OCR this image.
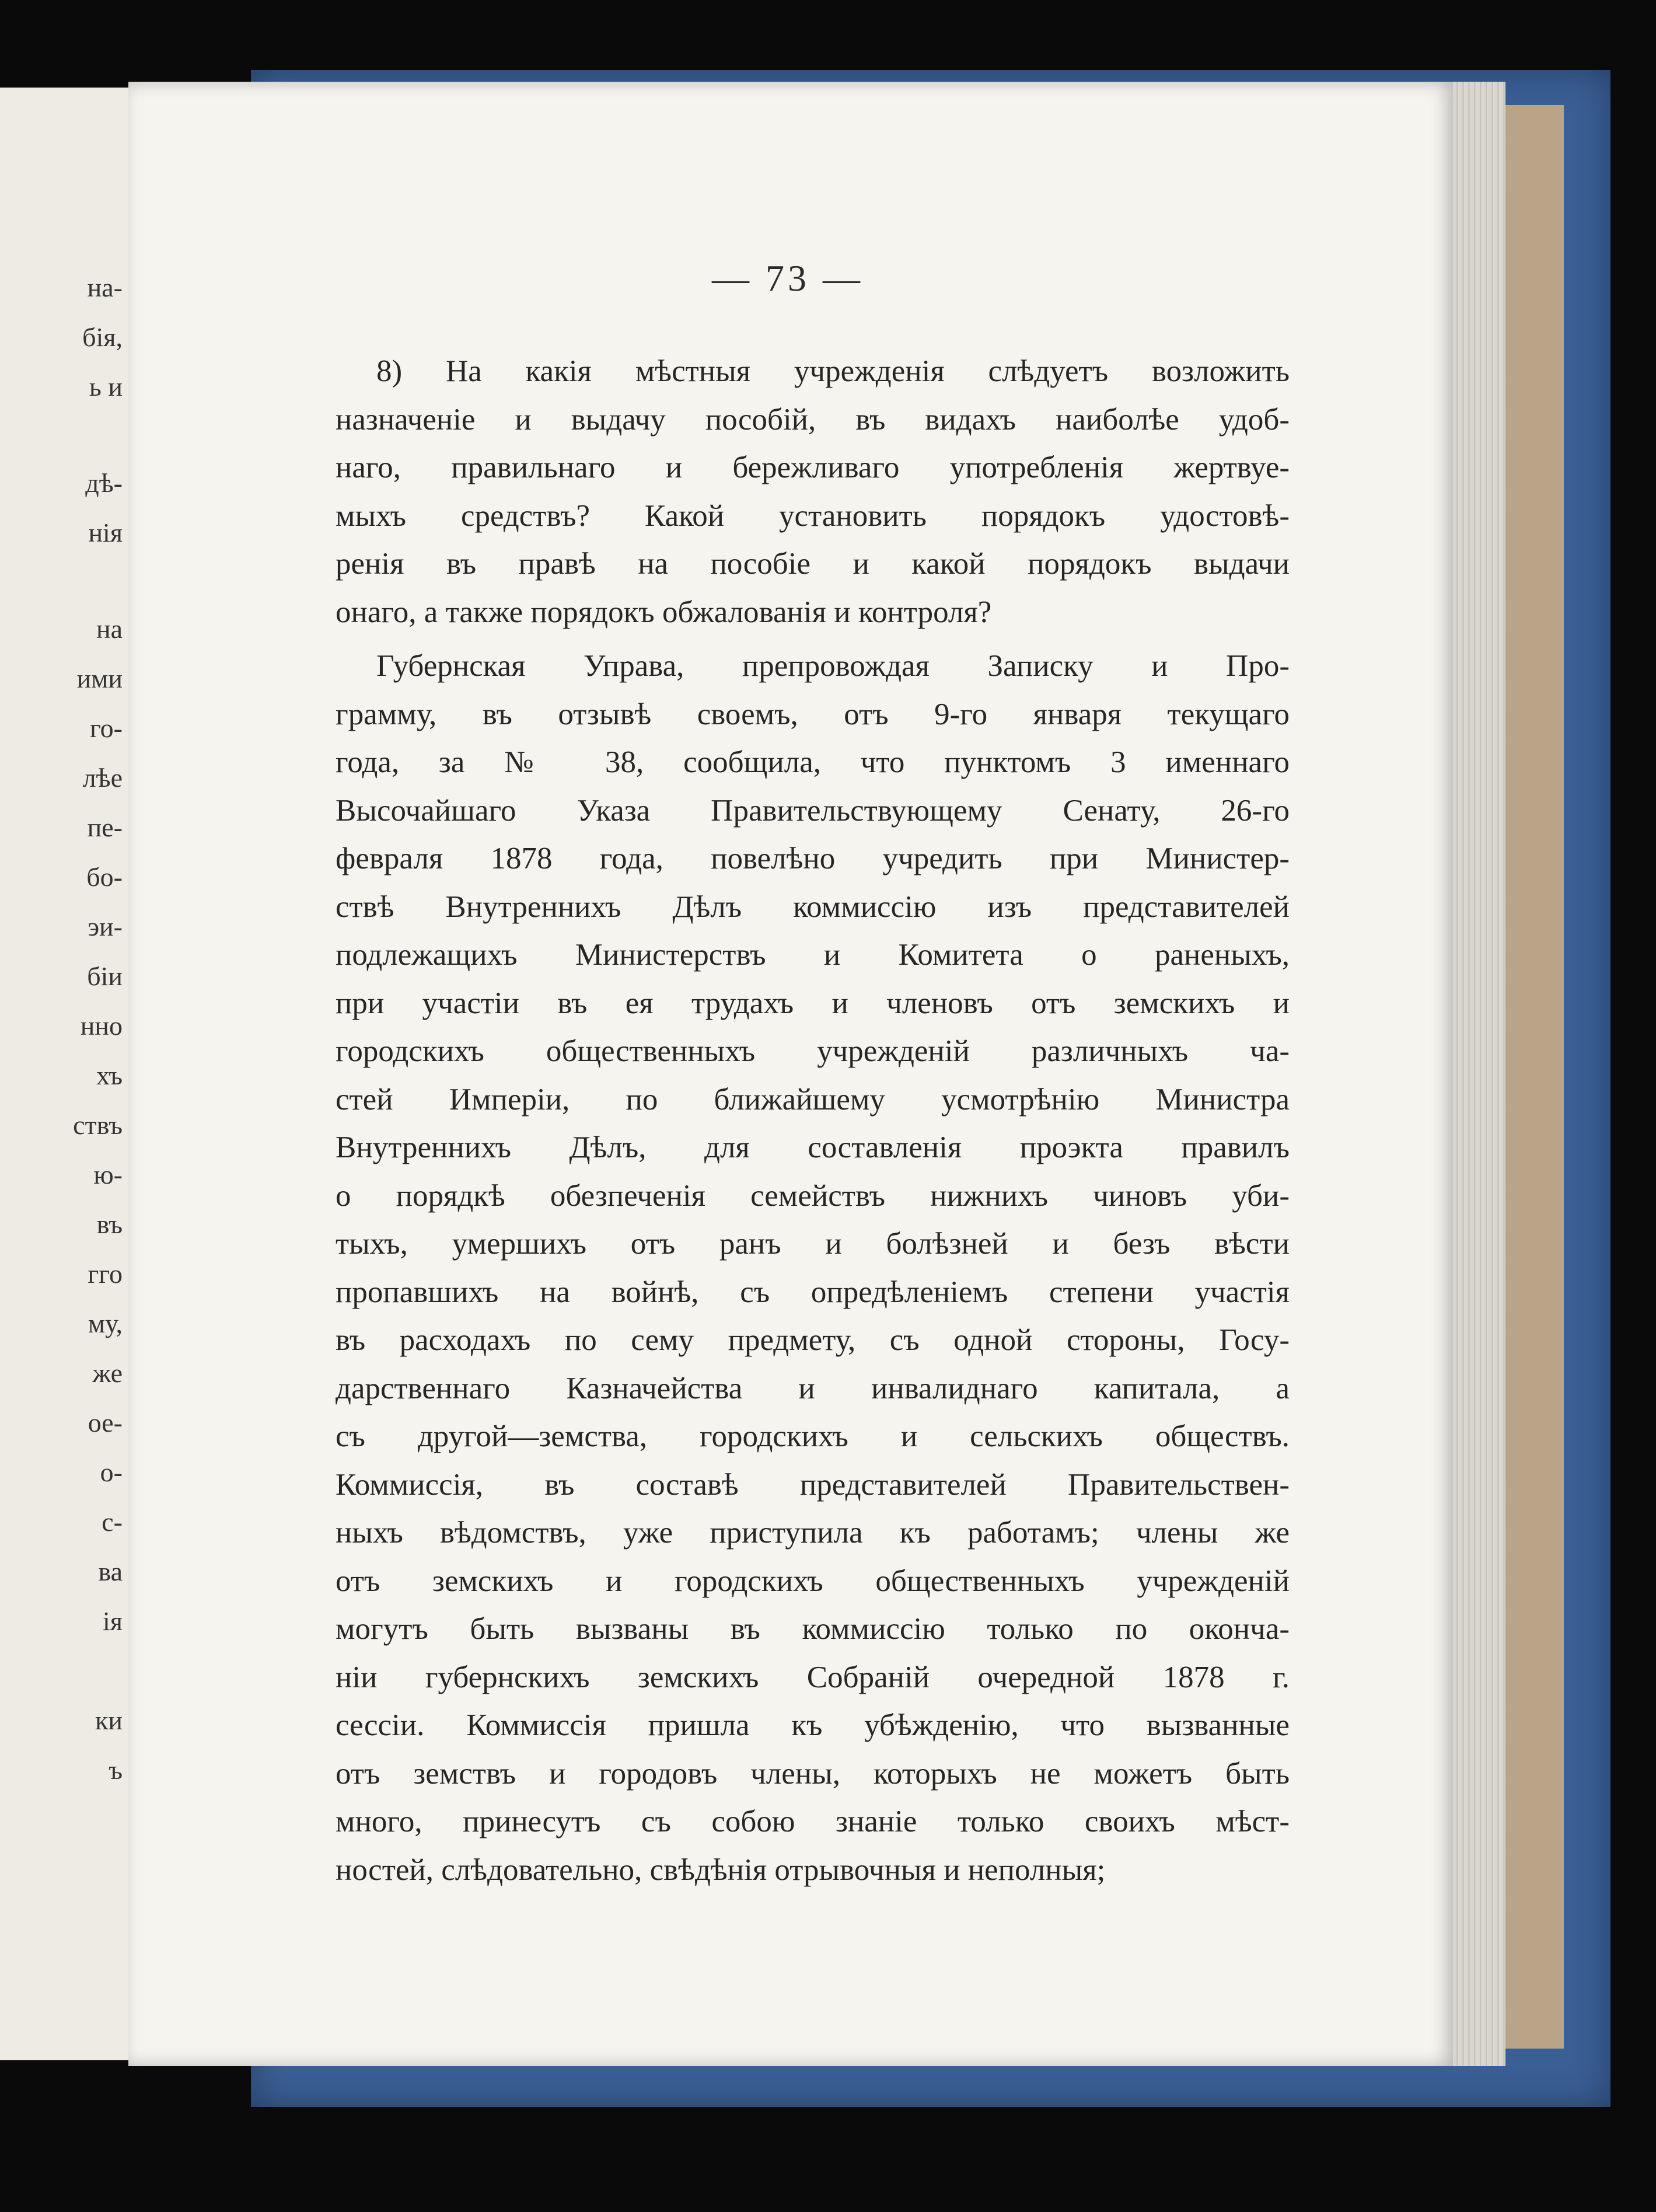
на-
бія,
ь и
дѣ-
нія
на
ими
го-
лѣе
пе-
бо-
эи-
біи
нно
хъ
ствъ
ю-
въ
гго
му,
же
ое-
о-
с-
ва
ія
ки
ъ
— 73 —
8) На какія мѣстныя учрежденія слѣдуетъ возложить
назначеніе и выдачу пособій, въ видахъ наиболѣе удоб-
наго, правильнаго и бережливаго употребленія жертвуе-
мыхъ средствъ? Какой установить порядокъ удостовѣ-
ренія въ правѣ на пособіе и какой порядокъ выдачи
онаго, а также порядокъ обжалованія и контроля?
Губернская Управа, препровождая Записку и Про-
грамму, въ отзывѣ своемъ, отъ 9-го января текущаго
года, за № 38, сообщила, что пунктомъ 3 именнаго
Высочайшаго Указа Правительствующему Сенату, 26-го
февраля 1878 года, повелѣно учредить при Министер-
ствѣ Внутреннихъ Дѣлъ коммиссію изъ представителей
подлежащихъ Министерствъ и Комитета о раненыхъ,
при участіи въ ея трудахъ и членовъ отъ земскихъ и
городскихъ общественныхъ учрежденій различныхъ ча-
стей Имперіи, по ближайшему усмотрѣнію Министра
Внутреннихъ Дѣлъ, для составленія проэкта правилъ
о порядкѣ обезпеченія семействъ нижнихъ чиновъ уби-
тыхъ, умершихъ отъ ранъ и болѣзней и безъ вѣсти
пропавшихъ на войнѣ, съ опредѣленіемъ степени участія
въ расходахъ по сему предмету, съ одной стороны, Госу-
дарственнаго Казначейства и инвалиднаго капитала, а
съ другой—земства, городскихъ и сельскихъ обществъ.
Коммиссія, въ составѣ представителей Правительствен-
ныхъ вѣдомствъ, уже приступила къ работамъ; члены же
отъ земскихъ и городскихъ общественныхъ учрежденій
могутъ быть вызваны въ коммиссію только по оконча-
ніи губернскихъ земскихъ Собраній очередной 1878 г.
сессіи. Коммиссія пришла къ убѣжденію, что вызванные
отъ земствъ и городовъ члены, которыхъ не можетъ быть
много, принесутъ съ собою знаніе только своихъ мѣст-
ностей, слѣдовательно, свѣдѣнія отрывочныя и неполныя;
